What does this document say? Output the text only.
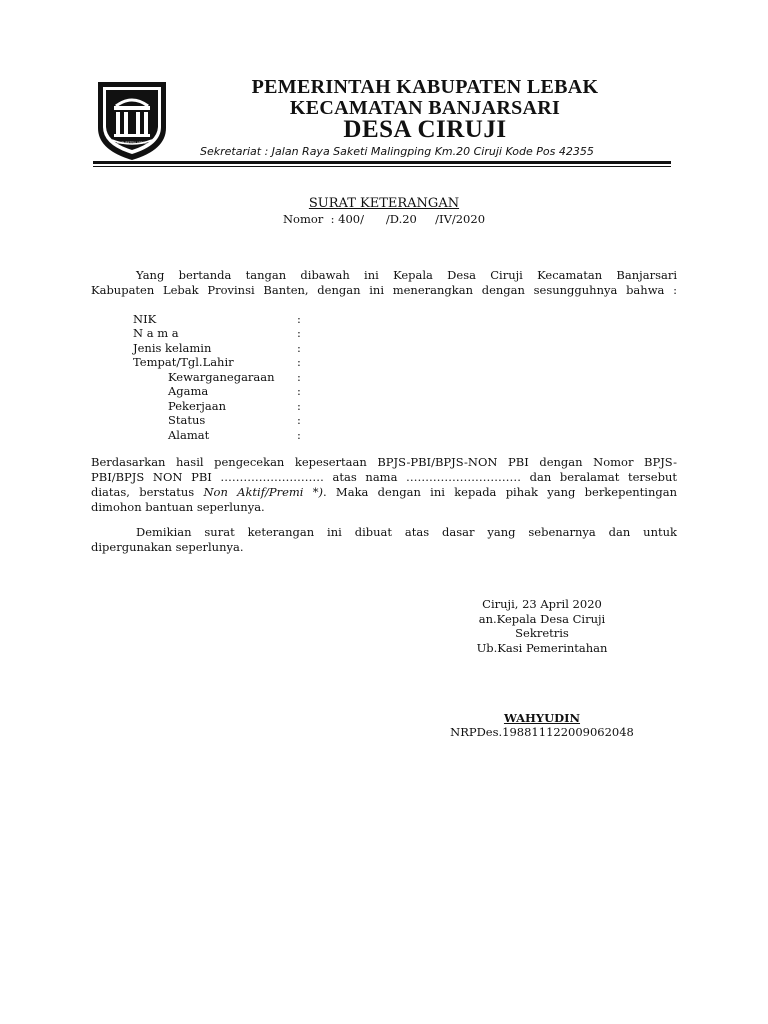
KABUPATEN LEBAK
PEMERINTAH KABUPATEN LEBAK
KECAMATAN BANJARSARI
DESA CIRUJI
Sekretariat : Jalan Raya Saketi Malingping Km.20 Ciruji Kode Pos 42355
SURAT KETERANGAN
Nomor  : 400/      /D.20     /IV/2020
Yang bertanda tangan dibawah ini Kepala Desa Ciruji Kecamatan Banjarsari
Kabupaten Lebak Provinsi Banten, dengan ini menerangkan dengan sesungguhnya bahwa :
NIK	:
N a m a	:
Jenis kelamin	:
Tempat/Tgl.Lahir	:
Kewarganegaraan :
Agama	:
Pekerjaan	:
Status	:
Alamat	:
Berdasarkan hasil pengecekan kepesertaan BPJS-PBI/BPJS-NON PBI dengan Nomor BPJS-
PBI/BPJS NON PBI ……………………… atas nama ………………………… dan beralamat tersebut
diatas, berstatus Non Aktif/Premi *). Maka dengan ini kepada pihak yang berkepentingan
dimohon bantuan seperlunya.
Demikian surat keterangan ini dibuat atas dasar yang sebenarnya dan untuk
dipergunakan seperlunya.
Ciruji, 23 April 2020
an.Kepala Desa Ciruji
Sekretris
Ub.Kasi Pemerintahan
WAHYUDIN
NRPDes.198811122009062048
